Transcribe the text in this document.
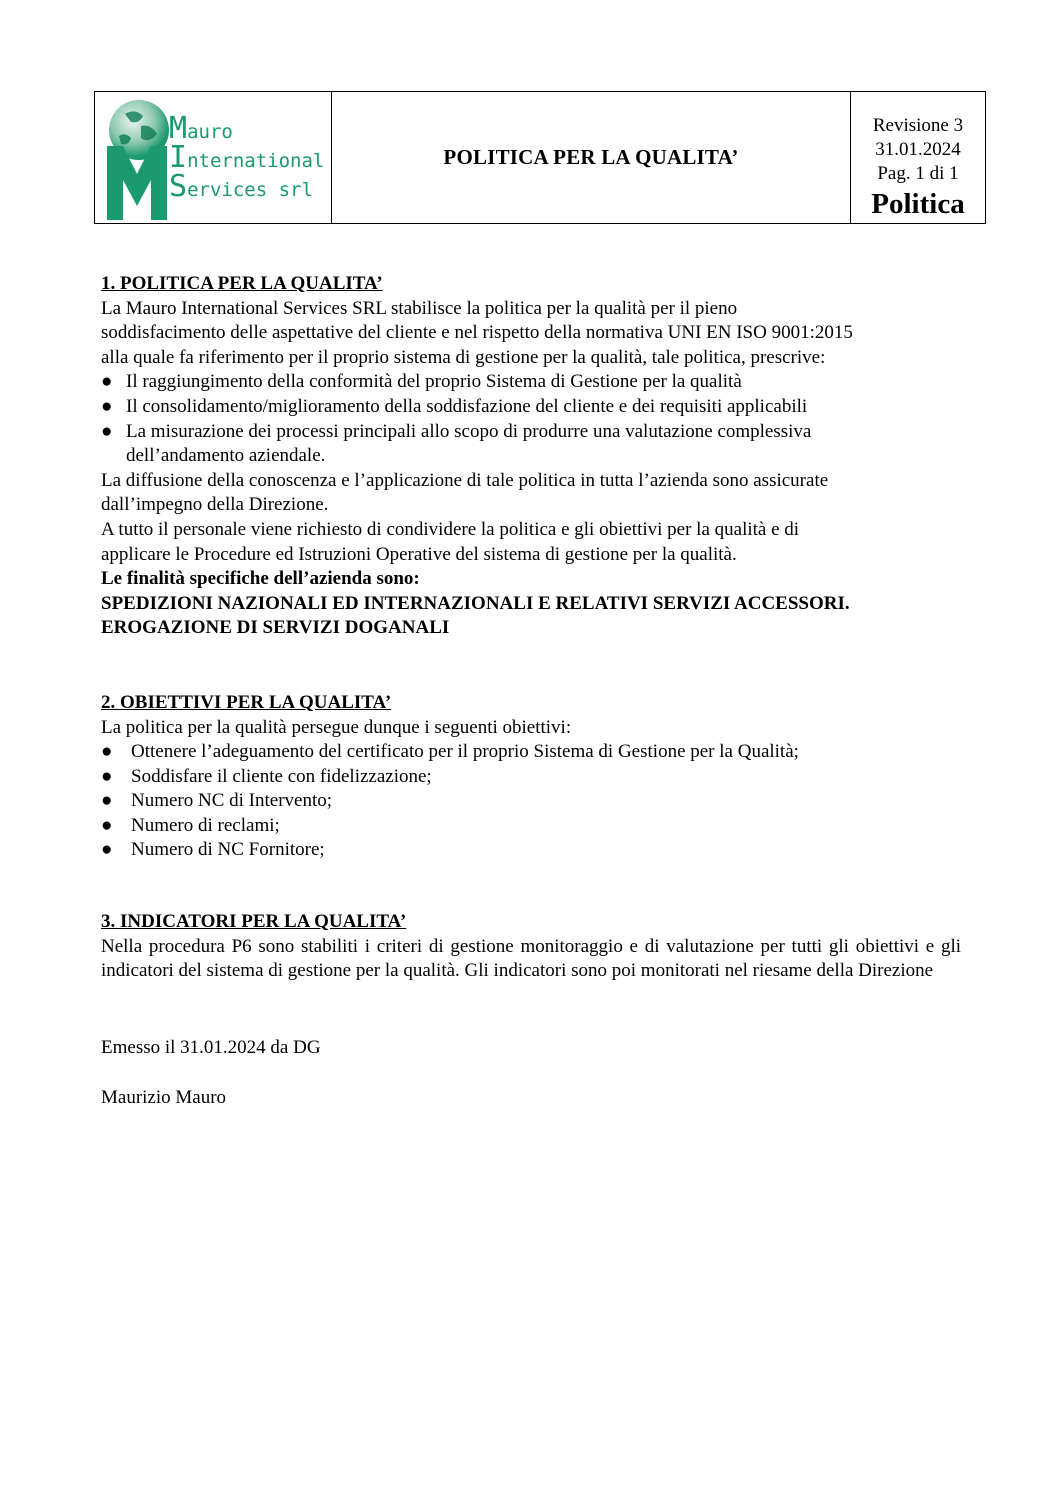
Mauro
International
Services srl
POLITICA PER LA QUALITA’
Revisione 3
31.01.2024
Pag. 1 di 1
Politica

1. POLITICA PER LA QUALITA’

La Mauro International Services SRL stabilisce la politica per la qualità per il pieno

soddisfacimento delle aspettative del cliente e nel rispetto della normativa UNI EN ISO 9001:2015

alla quale fa riferimento per il proprio sistema di gestione per la qualità, tale politica, prescrive:

● Il raggiungimento della conformità del proprio Sistema di Gestione per la qualità
● Il consolidamento/miglioramento della soddisfazione del cliente e dei requisiti applicabili
● La misurazione dei processi principali allo scopo di produrre una valutazione complessiva

dell’andamento aziendale.

La diffusione della conoscenza e l’applicazione di tale politica in tutta l’azienda sono assicurate

dall’impegno della Direzione.

A tutto il personale viene richiesto di condividere la politica e gli obiettivi per la qualità e di

applicare le Procedure ed Istruzioni Operative del sistema di gestione per la qualità.

Le finalità specifiche dell’azienda sono:

SPEDIZIONI NAZIONALI ED INTERNAZIONALI E RELATIVI SERVIZI ACCESSORI.

EROGAZIONE DI SERVIZI DOGANALI

2. OBIETTIVI PER LA QUALITA’

La politica per la qualità persegue dunque i seguenti obiettivi:

● Ottenere l’adeguamento del certificato per il proprio Sistema di Gestione per la Qualità;
● Soddisfare il cliente con fidelizzazione;
● Numero NC di Intervento;
● Numero di reclami;
● Numero di NC Fornitore;

3. INDICATORI PER LA QUALITA’

Nella procedura P6 sono stabiliti i criteri di gestione monitoraggio e di valutazione per tutti gli obiettivi e gli indicatori del sistema di gestione per la qualità. Gli indicatori sono poi monitorati nel riesame della Direzione

Emesso il 31.01.2024 da DG

Maurizio Mauro
